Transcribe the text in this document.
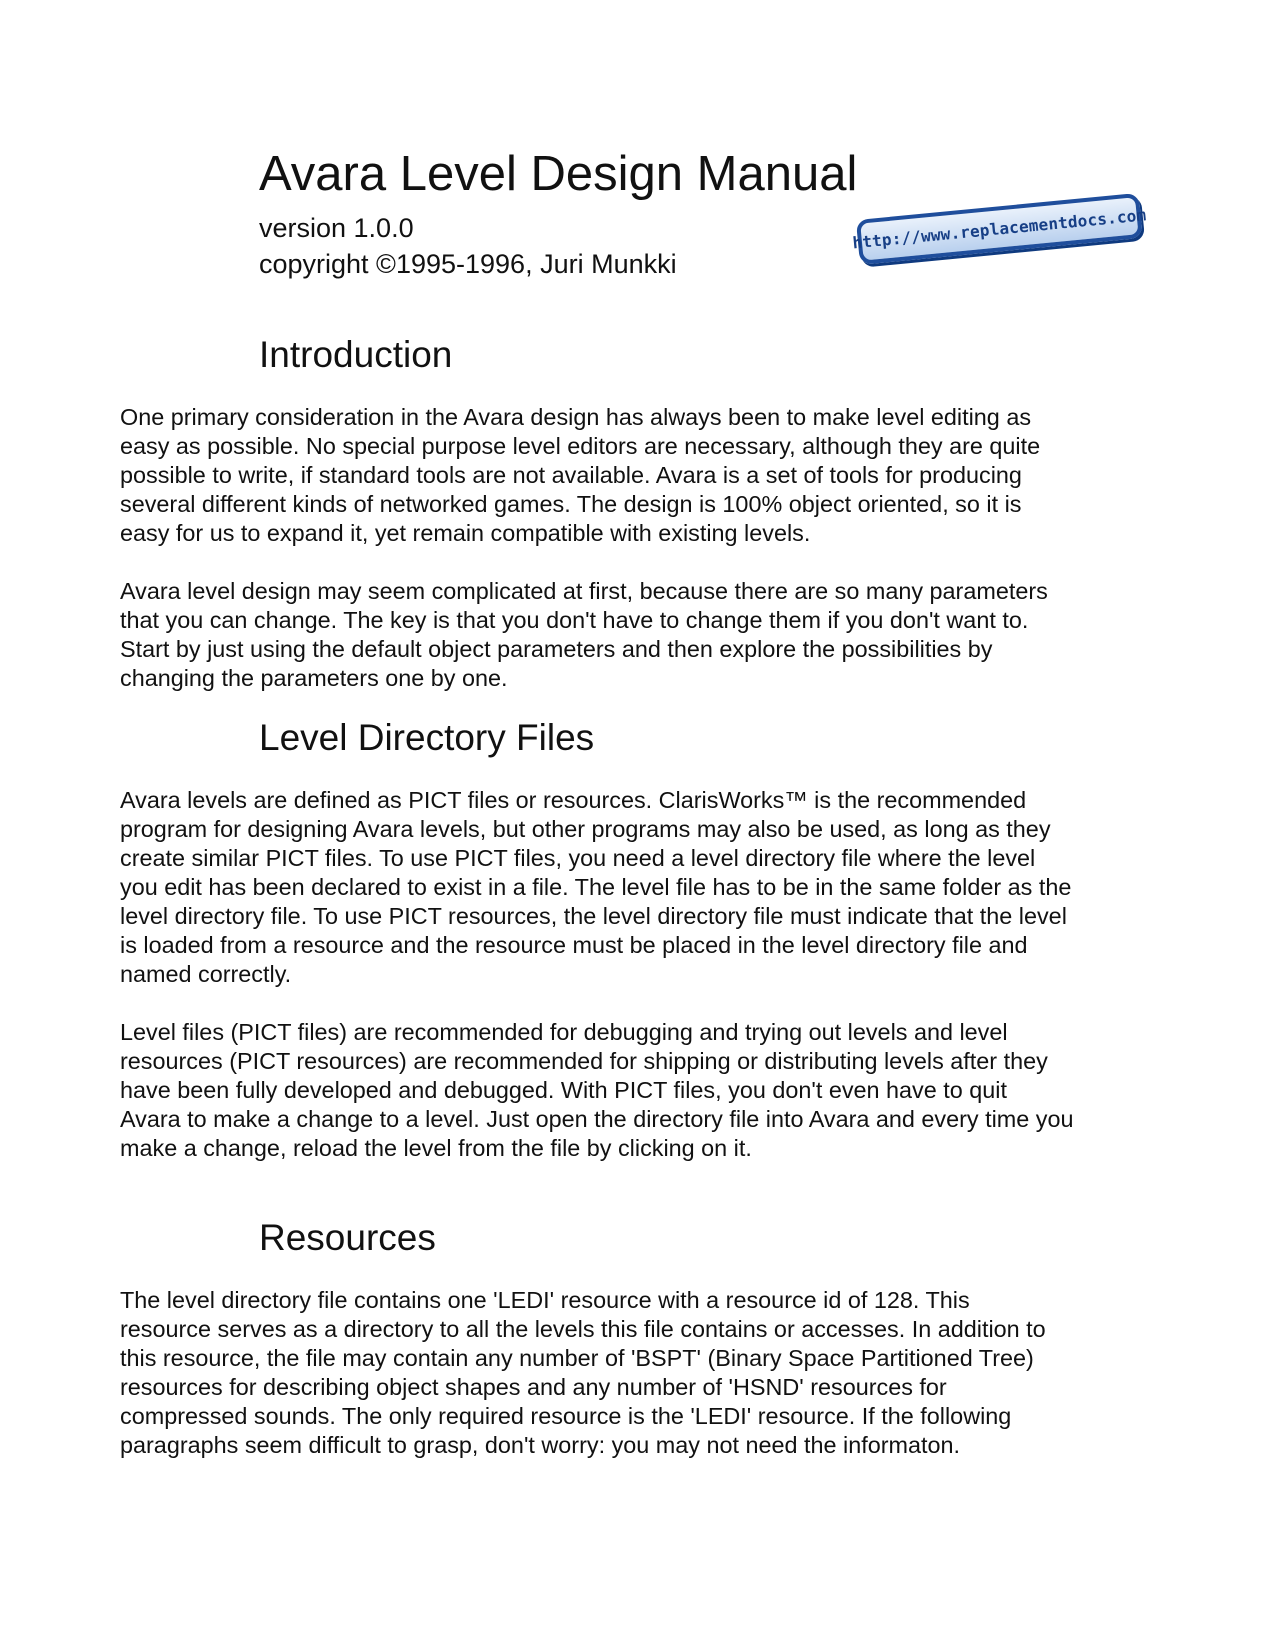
Avara Level Design Manual

version 1.0.0

copyright ©1995-1996, Juri Munkki

http://www.replacementdocs.com
Introduction

One primary consideration in the Avara design has always been to make level editing as
easy as possible. No special purpose level editors are necessary, although they are quite
possible to write, if standard tools are not available. Avara is a set of tools for producing
several different kinds of networked games. The design is 100% object oriented, so it is
easy for us to expand it, yet remain compatible with existing levels.

Avara level design may seem complicated at first, because there are so many parameters
that you can change. The key is that you don't have to change them if you don't want to.
Start by just using the default object parameters and then explore the possibilities by
changing the parameters one by one.

Level Directory Files

Avara levels are defined as PICT files or resources. ClarisWorks™ is the recommended
program for designing Avara levels, but other programs may also be used, as long as they
create similar PICT files. To use PICT files, you need a level directory file where the level
you edit has been declared to exist in a file. The level file has to be in the same folder as the
level directory file. To use PICT resources, the level directory file must indicate that the level
is loaded from a resource and the resource must be placed in the level directory file and
named correctly.

Level files (PICT files) are recommended for debugging and trying out levels and level
resources (PICT resources) are recommended for shipping or distributing levels after they
have been fully developed and debugged. With PICT files, you don't even have to quit
Avara to make a change to a level. Just open the directory file into Avara and every time you
make a change, reload the level from the file by clicking on it.

Resources

The level directory file contains one 'LEDI' resource with a resource id of 128. This
resource serves as a directory to all the levels this file contains or accesses. In addition to
this resource, the file may contain any number of 'BSPT' (Binary Space Partitioned Tree)
resources for describing object shapes and any number of 'HSND' resources for
compressed sounds. The only required resource is the 'LEDI' resource. If the following
paragraphs seem difficult to grasp, don't worry: you may not need the informaton.
